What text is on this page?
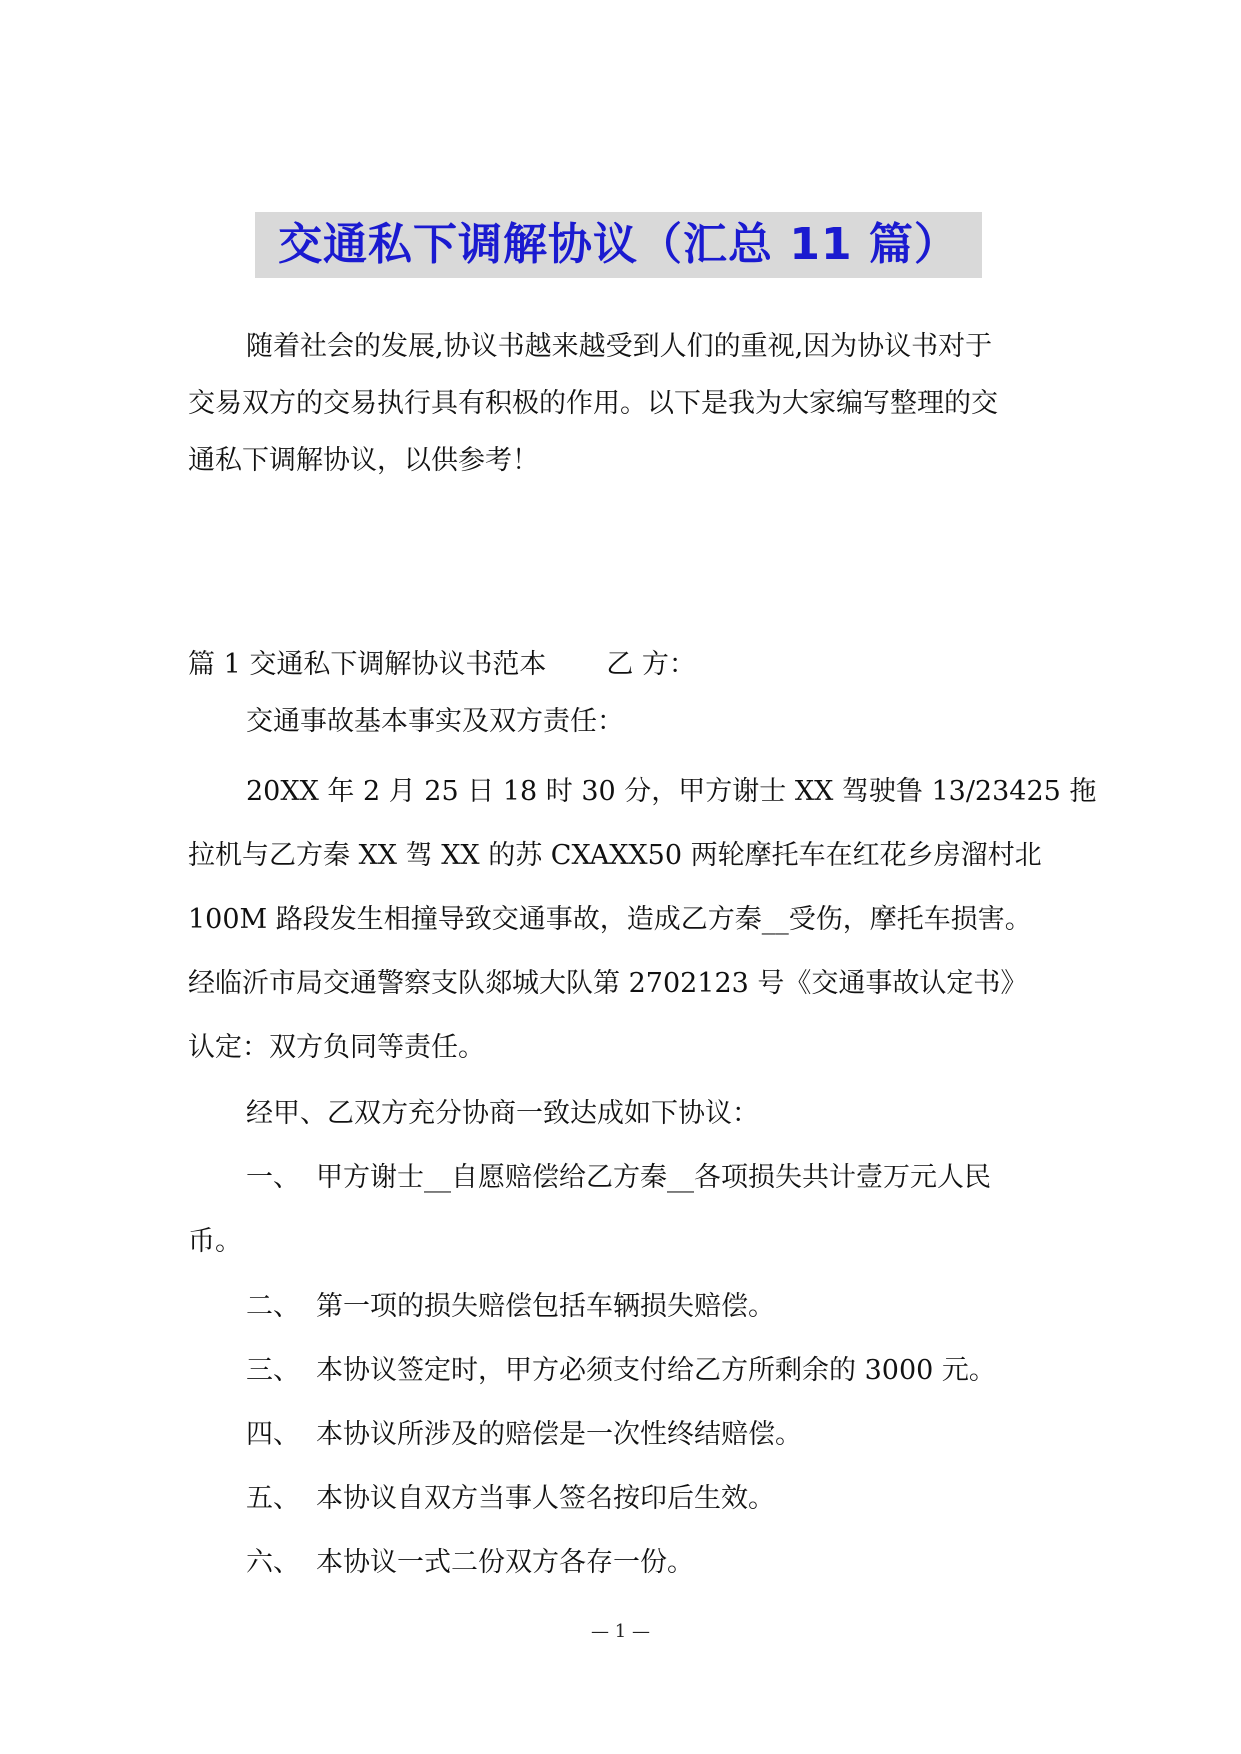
交通私下调解协议（汇总 11 篇）
随着社会的发展,协议书越来越受到人们的重视,因为协议书对于
交易双方的交易执行具有积极的作用。以下是我为大家编写整理的交
通私下调解协议，以供参考！
篇 1 交通私下调解协议书范本 乙 方：
交通事故基本事实及双方责任：
20XX 年 2 月 25 日 18 时 30 分，甲方谢士 XX 驾驶鲁 13/23425 拖
拉机与乙方秦 XX 驾 XX 的苏 CXAXX50 两轮摩托车在红花乡房溜村北
100M 路段发生相撞导致交通事故，造成乙方秦__受伤，摩托车损害。
经临沂市局交通警察支队郯城大队第 2702123 号《交通事故认定书》
认定：双方负同等责任。
经甲、乙双方充分协商一致达成如下协议：
一、 甲方谢士__自愿赔偿给乙方秦__各项损失共计壹万元人民
币。
二、 第一项的损失赔偿包括车辆损失赔偿。
三、 本协议签定时，甲方必须支付给乙方所剩余的 3000 元。
四、 本协议所涉及的赔偿是一次性终结赔偿。
五、 本协议自双方当事人签名按印后生效。
六、 本协议一式二份双方各存一份。
— 1 —
